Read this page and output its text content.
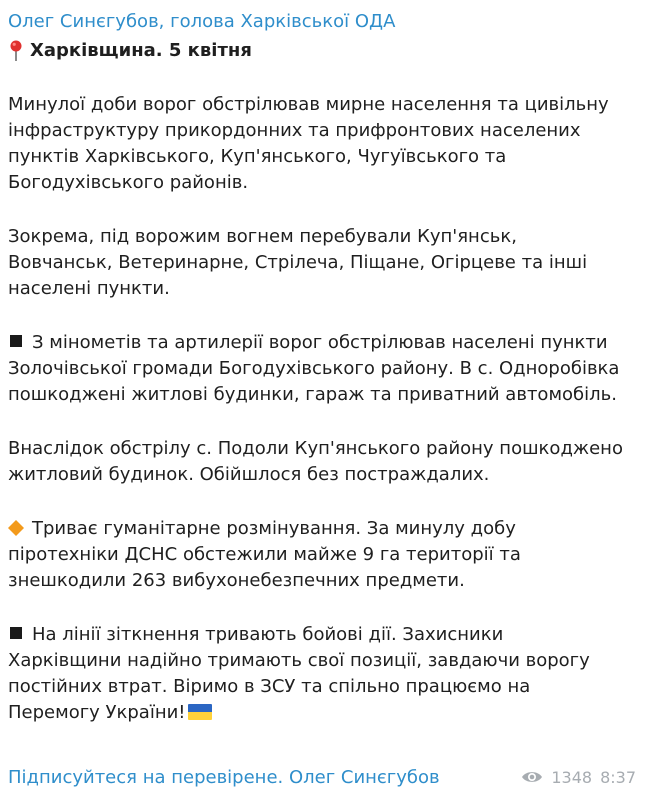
Олег Синєгубов, голова Харківської ОДА
Харківщина. 5 квітня

Минулої доби ворог обстрілював мирне населення та цивільну
інфраструктуру прикордонних та прифронтових населених
пунктів Харківського, Куп'янського, Чугуївського та
Богодухівського районів.

Зокрема, під ворожим вогнем перебували Куп'янськ,
Вовчанськ, Ветеринарне, Стрілеча, Піщане, Огірцеве та інші
населені пункти.

З мінометів та артилерії ворог обстрілював населені пункти
Золочівської громади Богодухівського району. В с. Одноробівка
пошкоджені житлові будинки, гараж та приватний автомобіль.

Внаслідок обстрілу с. Подоли Куп'янського району пошкоджено
житловий будинок. Обійшлося без постраждалих.

Триває гуманітарне розмінування. За минулу добу
піротехніки ДСНС обстежили майже 9 га території та
знешкодили 263 вибухонебезпечних предмети.
На лінії зіткнення тривають бойові дії. Захисники
Харківщини надійно тримають свої позиції, завдаючи ворогу
постійних втрат. Віримо в ЗСУ та спільно працюємо на
Перемогу України!
Підписуйтеся на перевірене. Олег Синєгубов	1348 8:37
